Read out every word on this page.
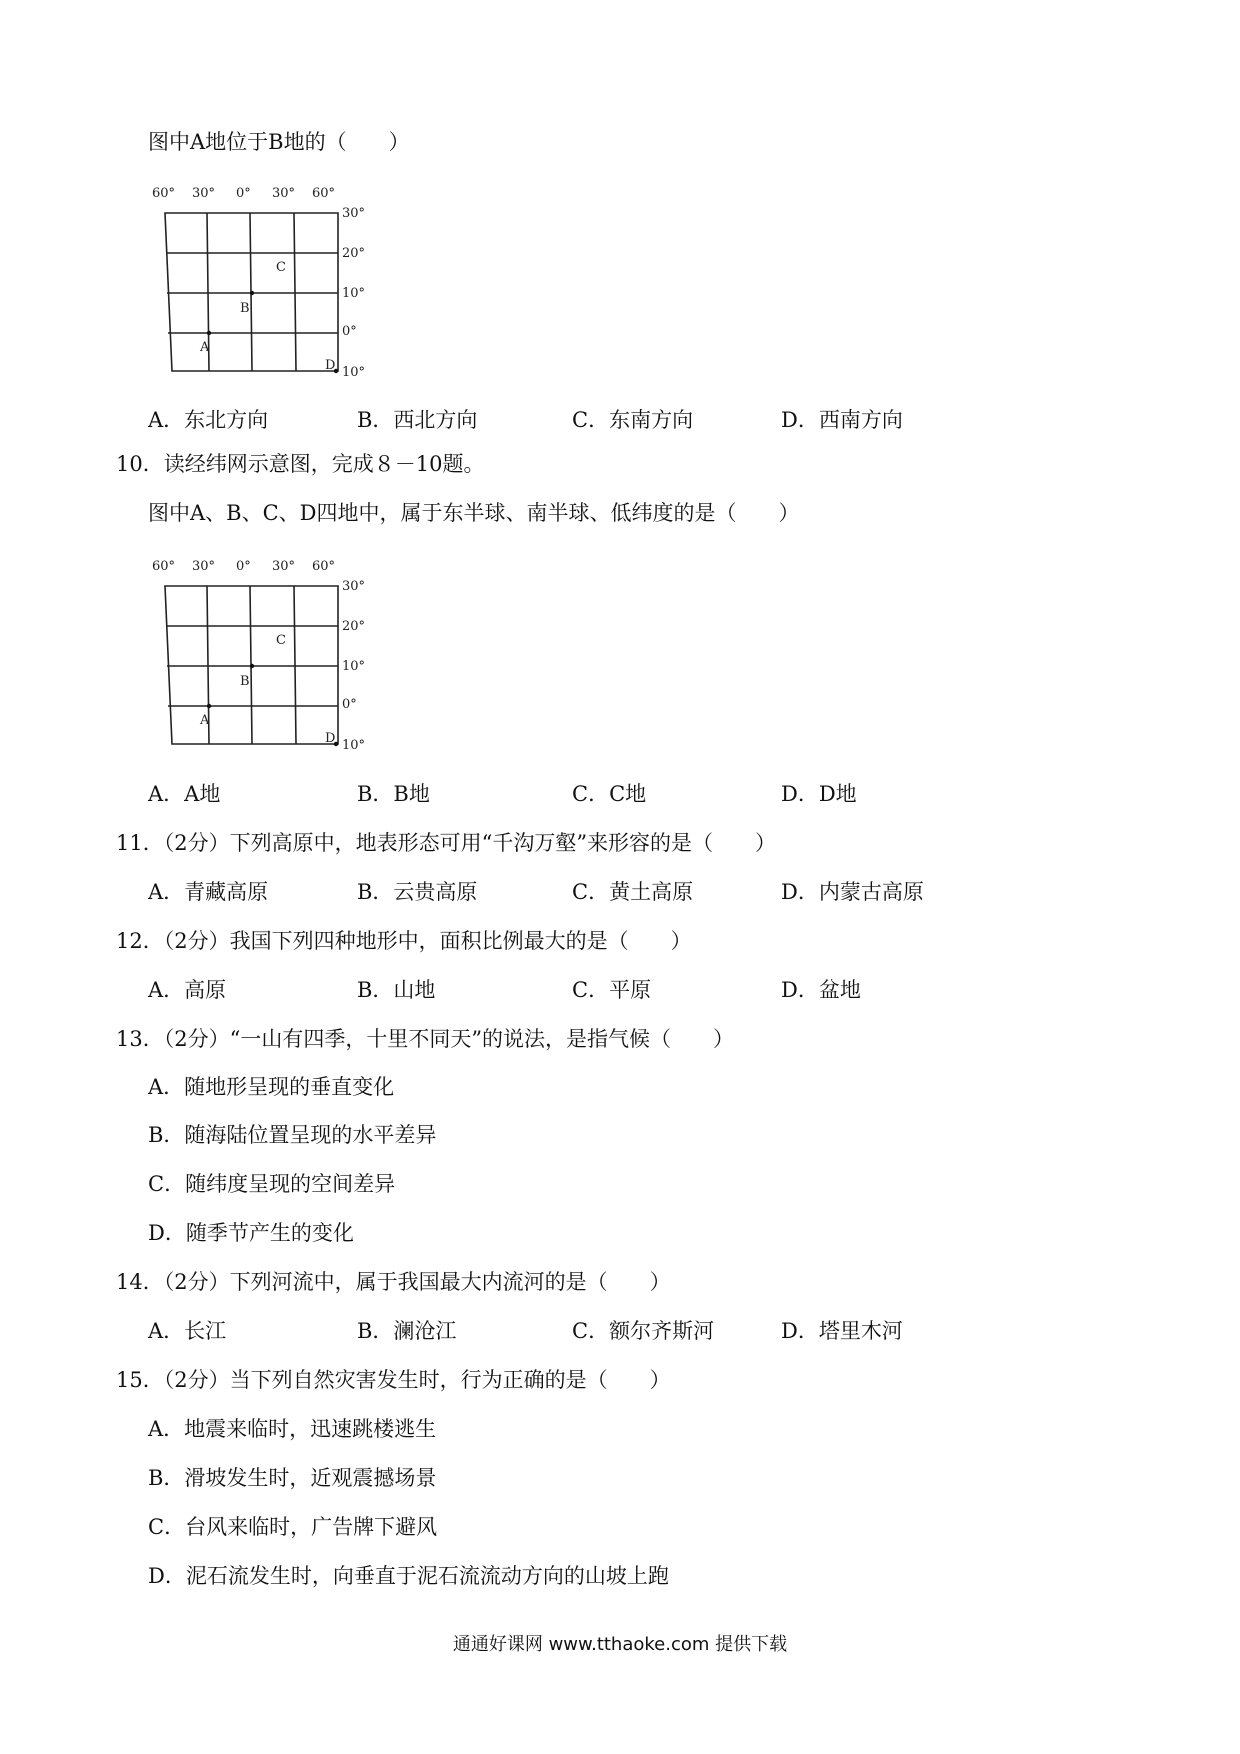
图中A地位于B地的（　　）
60° 30° 0° 30° 60°
30°
20°
10°
0°
10°
A
B
C
D
A．东北方向	B．西北方向	C．东南方向	D．西南方向
10．读经纬网示意图，完成８－10题。
图中A、B、C、D四地中，属于东半球、南半球、低纬度的是（　　）
60° 30° 0° 30° 60°
30°
20°
10°
0°
10°
A
B
C
D
A．A地	B．B地	C．C地	D．D地
11．（2分）下列高原中，地表形态可用“千沟万壑”来形容的是（　　）
A．青藏高原	B．云贵高原	C．黄土高原	D．内蒙古高原
12．（2分）我国下列四种地形中，面积比例最大的是（　　）
A．高原	B．山地	C．平原	D．盆地
13．（2分）“一山有四季，十里不同天”的说法，是指气候（　　）
A．随地形呈现的垂直变化
B．随海陆位置呈现的水平差异
C．随纬度呈现的空间差异
D．随季节产生的变化
14．（2分）下列河流中，属于我国最大内流河的是（　　）
A．长江	B．澜沧江	C．额尔齐斯河	D．塔里木河
15．（2分）当下列自然灾害发生时，行为正确的是（　　）
A．地震来临时，迅速跳楼逃生
B．滑坡发生时，近观震撼场景
C．台风来临时，广告牌下避风
D．泥石流发生时，向垂直于泥石流流动方向的山坡上跑
通通好课网 www.tthaoke.com 提供下载
